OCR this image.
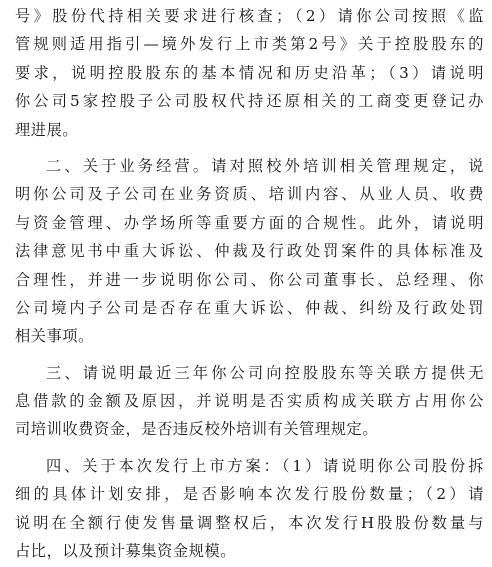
号》股份代持相关要求进行核查；（2）请你公司按照《监
管规则适用指引—境外发行上市类第2号》关于控股股东的
要求，说明控股股东的基本情况和历史沿革；（3）请说明
你公司5家控股子公司股权代持还原相关的工商变更登记办
理进展。
二、关于业务经营。请对照校外培训相关管理规定，说
明你公司及子公司在业务资质、培训内容、从业人员、收费
与资金管理、办学场所等重要方面的合规性。此外，请说明
法律意见书中重大诉讼、仲裁及行政处罚案件的具体标准及
合理性，并进一步说明你公司、你公司董事长、总经理、你
公司境内子公司是否存在重大诉讼、仲裁、纠纷及行政处罚
相关事项。
三、请说明最近三年你公司向控股股东等关联方提供无
息借款的金额及原因，并说明是否实质构成关联方占用你公
司培训收费资金，是否违反校外培训有关管理规定。
四、关于本次发行上市方案：（1）请说明你公司股份拆
细的具体计划安排，是否影响本次发行股份数量；（2）请
说明在全额行使发售量调整权后，本次发行H股股份数量与
占比，以及预计募集资金规模。
